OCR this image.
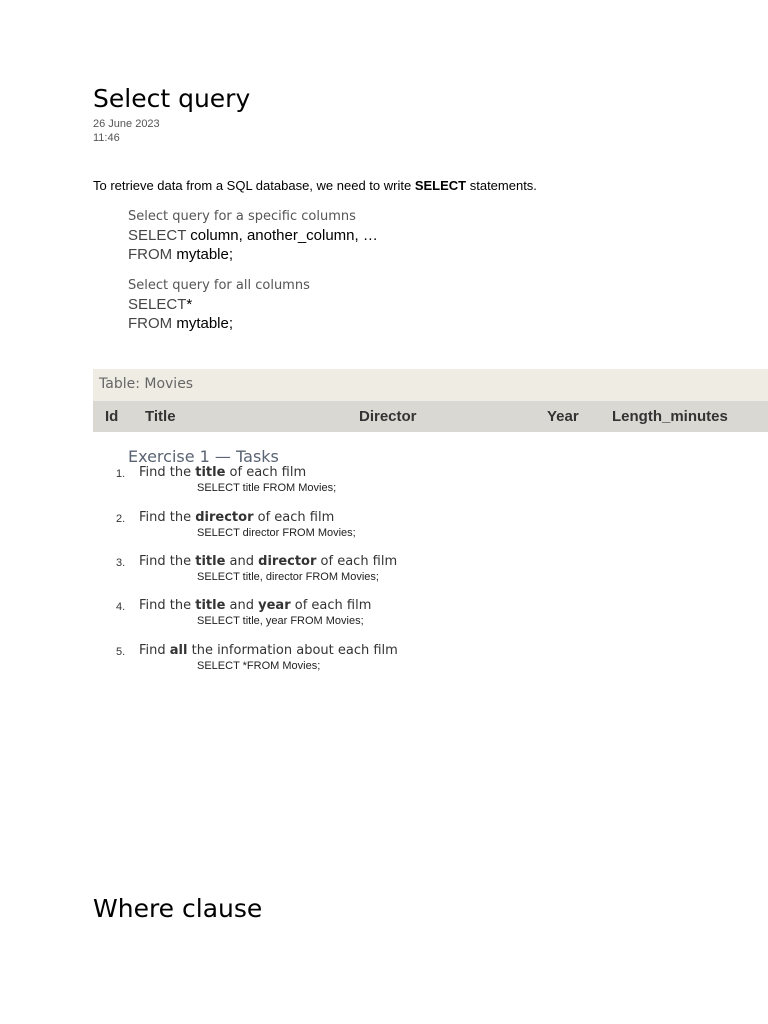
Select query
26 June 2023
11:46
To retrieve data from a SQL database, we need to write SELECT statements.
Select query for a specific columns
SELECT column, another_column, …
FROM mytable;
Select query for all columns
SELECT*
FROM mytable;
Table: Movies
Id Title	Director	Year Length_minutes
Exercise 1 — Tasks
1. Find the title of each film
SELECT title FROM Movies;
2. Find the director of each film
SELECT director FROM Movies;
3. Find the title and director of each film
SELECT title, director FROM Movies;
4. Find the title and year of each film
SELECT title, year FROM Movies;
5. Find all the information about each film
SELECT *FROM Movies;
Where clause
